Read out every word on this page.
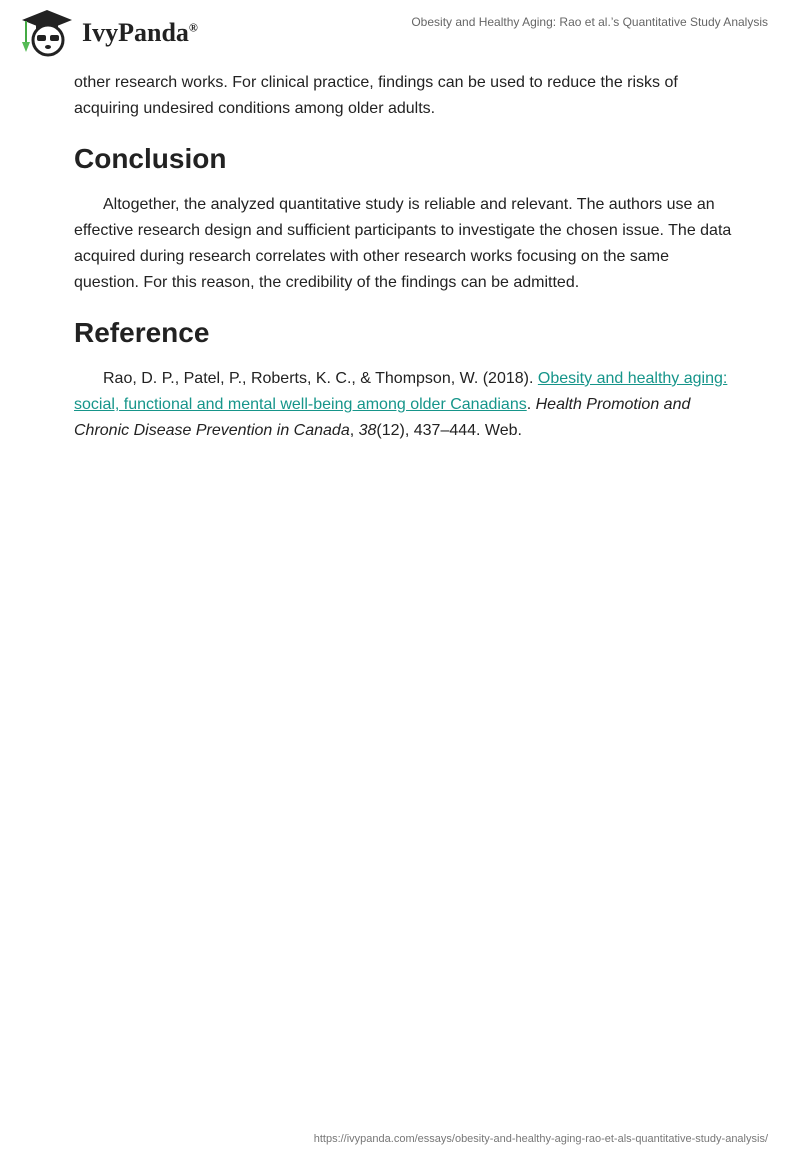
IvyPanda®	Obesity and Healthy Aging: Rao et al.’s Quantitative Study Analysis

other research works. For clinical practice, findings can be used to reduce the risks of acquiring undesired conditions among older adults.

Conclusion

Altogether, the analyzed quantitative study is reliable and relevant. The authors use an effective research design and sufficient participants to investigate the chosen issue. The data acquired during research correlates with other research works focusing on the same question. For this reason, the credibility of the findings can be admitted.

Reference

Rao, D. P., Patel, P., Roberts, K. C., & Thompson, W. (2018). Obesity and healthy aging: social, functional and mental well-being among older Canadians. Health Promotion and Chronic Disease Prevention in Canada, 38(12), 437–444. Web.

https://ivypanda.com/essays/obesity-and-healthy-aging-rao-et-als-quantitative-study-analysis/
